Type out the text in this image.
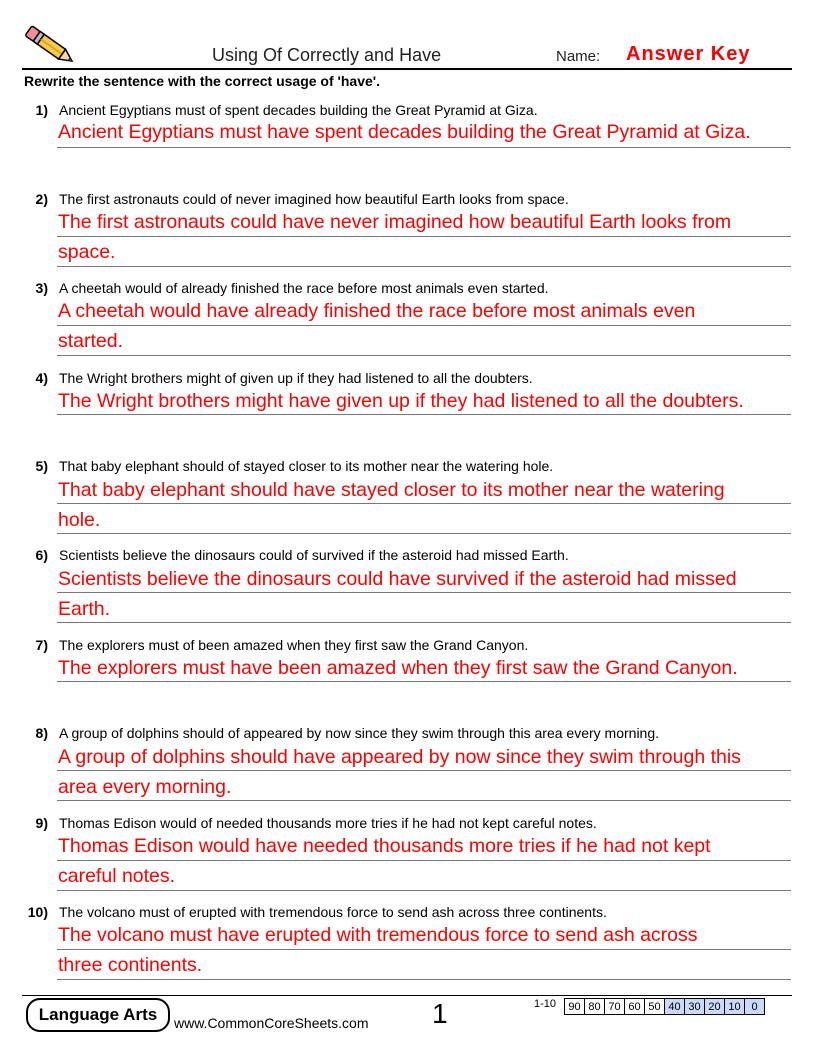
Using Of Correctly and Have	Name: Answer Key
Rewrite the sentence with the correct usage of 'have'.
1) Ancient Egyptians must of spent decades building the Great Pyramid at Giza.
Ancient Egyptians must have spent decades building the Great Pyramid at Giza.
2) The first astronauts could of never imagined how beautiful Earth looks from space.
The first astronauts could have never imagined how beautiful Earth looks from
space.
3) A cheetah would of already finished the race before most animals even started.
A cheetah would have already finished the race before most animals even
started.
4) The Wright brothers might of given up if they had listened to all the doubters.
The Wright brothers might have given up if they had listened to all the doubters.
5) That baby elephant should of stayed closer to its mother near the watering hole.
That baby elephant should have stayed closer to its mother near the watering
hole.
6) Scientists believe the dinosaurs could of survived if the asteroid had missed Earth.
Scientists believe the dinosaurs could have survived if the asteroid had missed
Earth.
7) The explorers must of been amazed when they first saw the Grand Canyon.
The explorers must have been amazed when they first saw the Grand Canyon.
8) A group of dolphins should of appeared by now since they swim through this area every morning.
A group of dolphins should have appeared by now since they swim through this
area every morning.
9) Thomas Edison would of needed thousands more tries if he had not kept careful notes.
Thomas Edison would have needed thousands more tries if he had not kept
careful notes.
10) The volcano must of erupted with tremendous force to send ash across three continents.
The volcano must have erupted with tremendous force to send ash across
three continents.
Language Arts	www.CommonCoreSheets.com 1	1-10	90 80 70 60 50 40 30 20 10 0
